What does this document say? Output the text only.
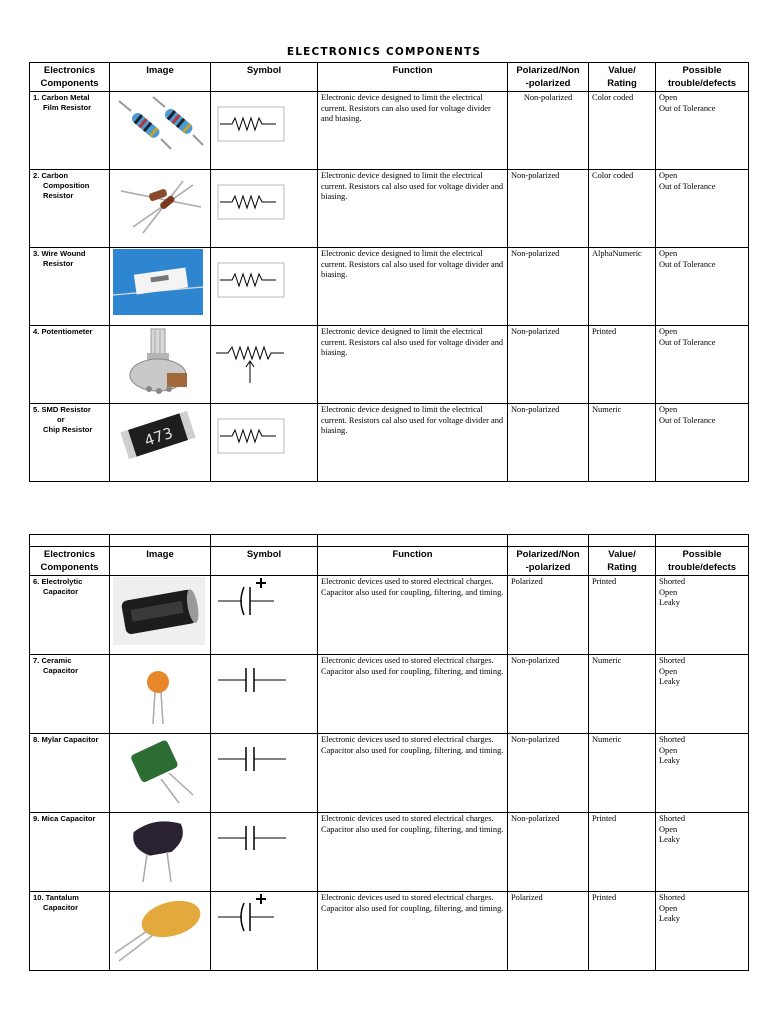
ELECTRONICS COMPONENTS
Electronics
Components	Image	Symbol	Function	Polarized/Non
-polarized	Value/
Rating	Possible
trouble/defects
1. Carbon Metal
Film Resistor			Electronic device designed to limit the electrical current. Resistors can also used for voltage divider and biasing.	Non-polarized	Color coded	Open
Out of Tolerance
2. Carbon
Composition
Resistor			Electronic device designed to limit the electrical current. Resistors cal also used for voltage divider and biasing.	Non-polarized	Color coded	Open
Out of Tolerance
3. Wire Wound
Resistor			Electronic device designed to limit the electrical current. Resistors cal also used for voltage divider and biasing.	Non-polarized	AlphaNumeric	Open
Out of Tolerance
4. Potentiometer			Electronic device designed to limit the electrical current. Resistors cal also used for voltage divider and biasing.	Non-polarized	Printed	Open
Out of Tolerance
5. SMD Resistor
or
Chip Resistor	473		Electronic device designed to limit the electrical current. Resistors cal also used for voltage divider and biasing.	Non-polarized	Numeric	Open
Out of Tolerance

Electronics
Components	Image	Symbol	Function	Polarized/Non
-polarized	Value/
Rating	Possible
trouble/defects
6. Electrolytic
Capacitor			Electronic devices used to stored electrical charges.
Capacitor also used for coupling, filtering, and timing.	Polarized	Printed	Shorted
Open
Leaky
7. Ceramic
Capacitor			Electronic devices used to stored electrical charges.
Capacitor also used for coupling, filtering, and timing.	Non-polarized	Numeric	Shorted
Open
Leaky
8. Mylar Capacitor			Electronic devices used to stored electrical charges.
Capacitor also used for coupling, filtering, and timing.	Non-polarized	Numeric	Shorted
Open
Leaky
9. Mica Capacitor			Electronic devices used to stored electrical charges.
Capacitor also used for coupling, filtering, and timing.	Non-polarized	Printed	Shorted
Open
Leaky
10. Tantalum
Capacitor			Electronic devices used to stored electrical charges.
Capacitor also used for coupling, filtering, and timing.	Polarized	Printed	Shorted
Open
Leaky
